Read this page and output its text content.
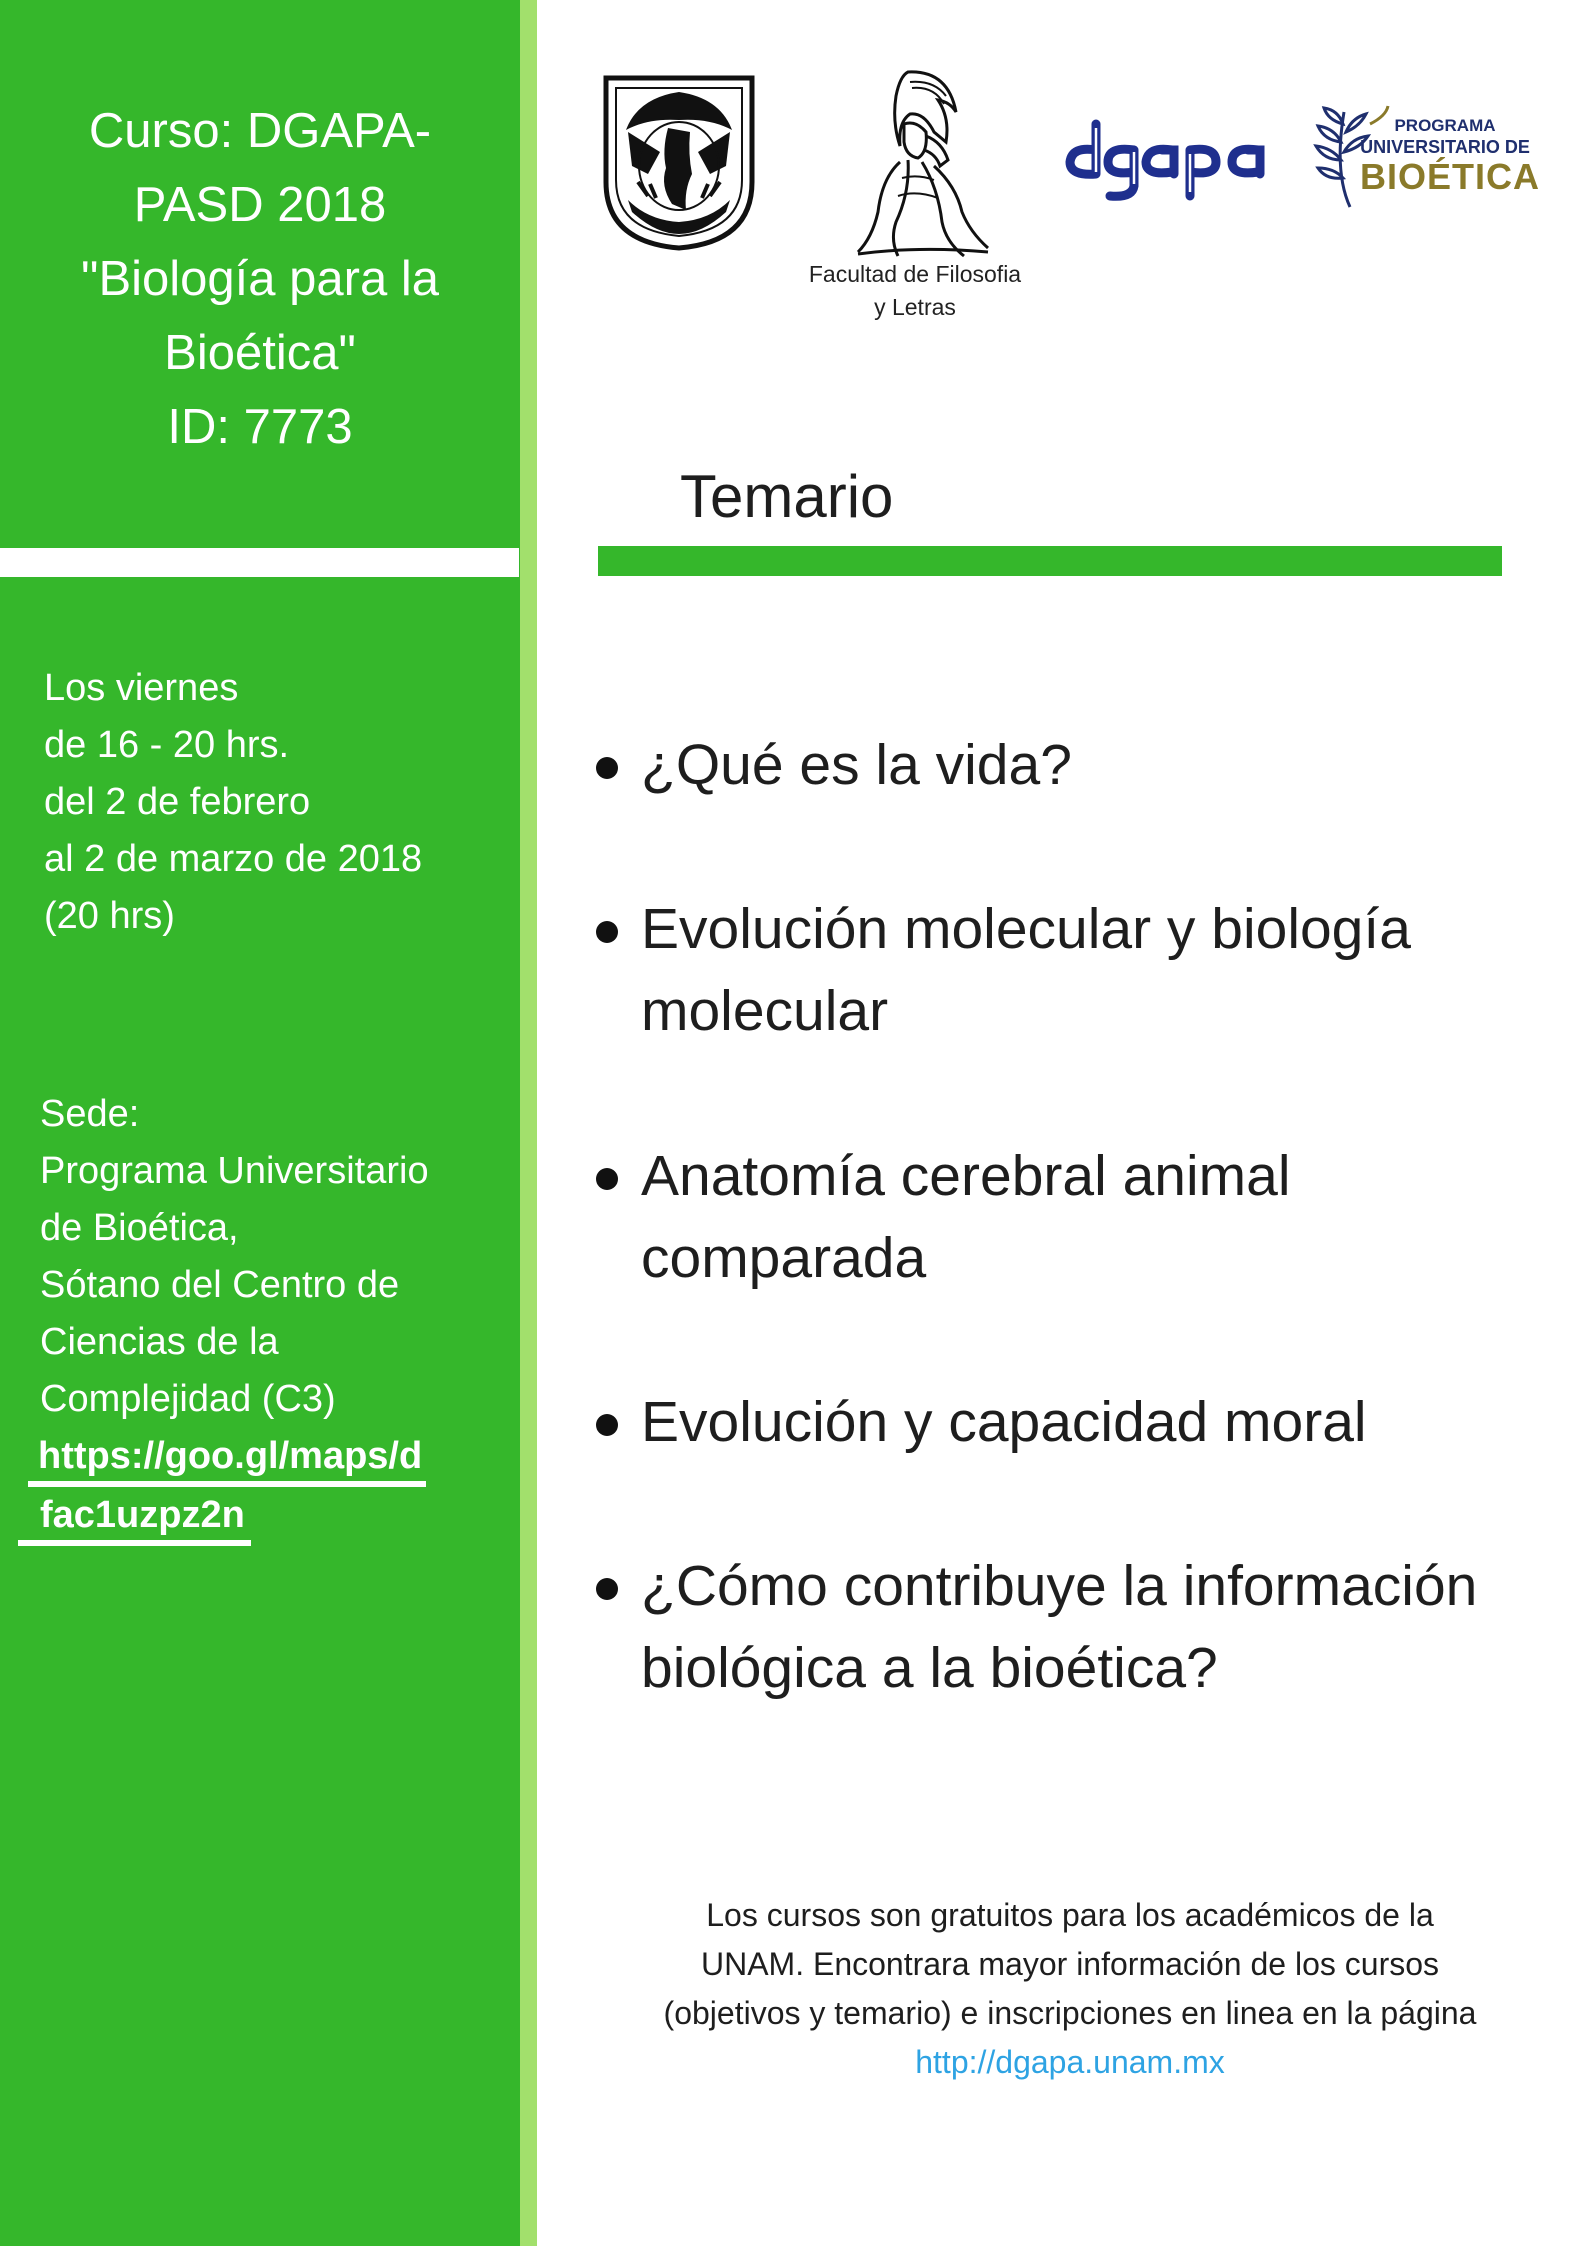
Curso: DGAPA-
PASD 2018
"Biología para la
Bioética"
ID: 7773
Los viernes
de 16 - 20 hrs.
del 2 de febrero
al 2 de marzo de 2018
(20 hrs)
Sede:
Programa Universitario
de Bioética,
Sótano del Centro de
Ciencias de la
Complejidad (C3)
https://goo.gl/maps/d
fac1uzpz2n
Facultad de Filosofia
y Letras
PROGRAMA
UNIVERSITARIO DE
BIOÉTICA
Temario
¿Qué es la vida?
Evolución molecular y biología
molecular
Anatomía cerebral animal
comparada
Evolución y capacidad moral
¿Cómo contribuye la información
biológica a la bioética?
Los cursos son gratuitos para los académicos de la
UNAM. Encontrara mayor información de los cursos
(objetivos y temario) e inscripciones en linea en la página
http://dgapa.unam.mx
